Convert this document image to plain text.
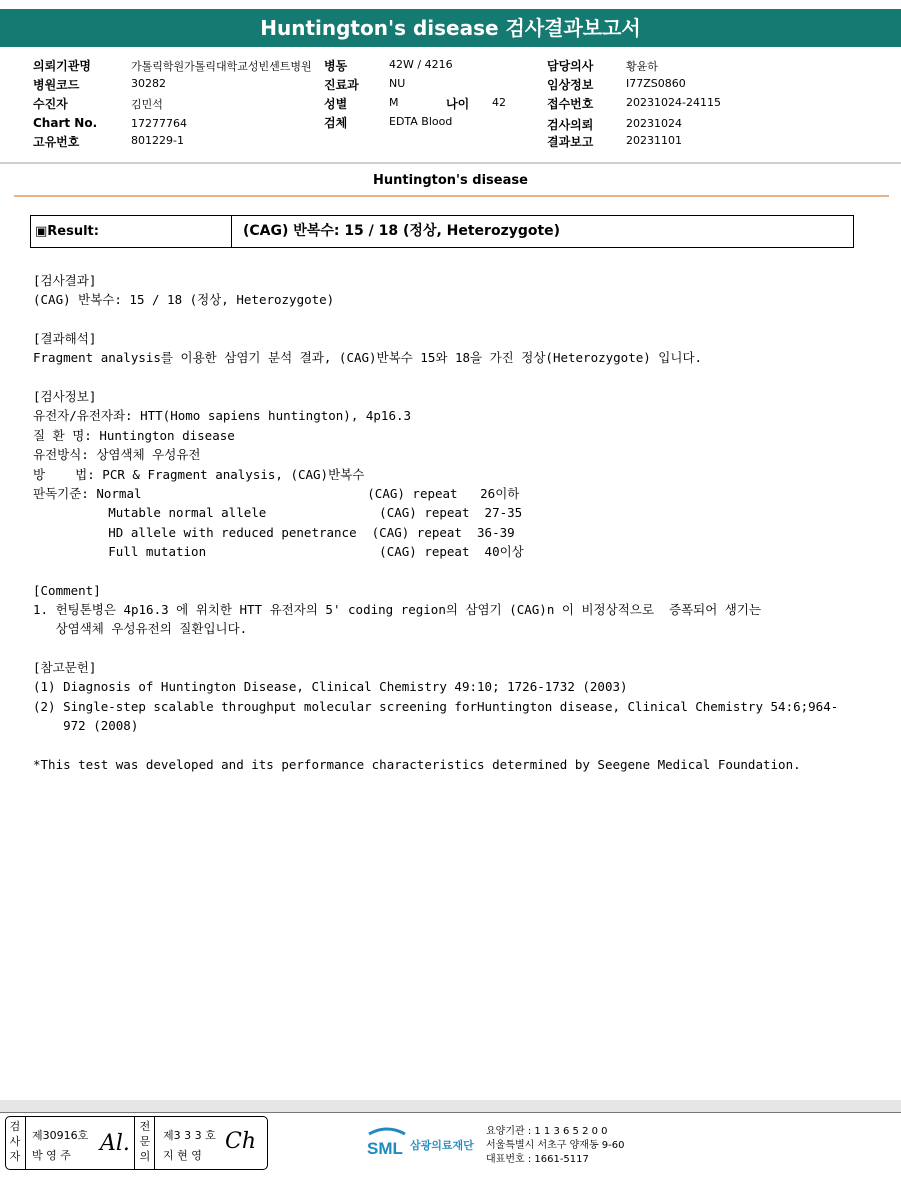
Huntington's disease 검사결과보고서
의뢰기관명	가톨릭학원가톨릭대학교성빈센트병원
병원코드	30282
수진자	김민석
Chart No.	17277764
고유번호	801229-1
병동	42W / 4216
진료과	NU
성별	M	나이 42
검체	EDTA Blood
담당의사	황윤하
임상정보	I77ZS0860
접수번호	20231024-24115
검사의뢰	20231024
결과보고	20231101
Huntington's disease
▣Result:	(CAG) 반복수: 15 / 18 (정상, Heterozygote)
[검사결과]
(CAG) 반복수: 15 / 18 (정상, Heterozygote)
[결과해석]
Fragment analysis를 이용한 삼염기 분석 결과, (CAG)반복수 15와 18을 가진 정상(Heterozygote) 입니다.
[검사정보]
유전자/유전자좌: HTT(Homo sapiens huntington), 4p16.3
질 환 명: Huntington disease
유전방식: 상염색체 우성유전
방    법: PCR & Fragment analysis, (CAG)반복수
판독기준: Normal                              (CAG) repeat   26이하
Mutable normal allele               (CAG) repeat  27-35
HD allele with reduced penetrance  (CAG) repeat  36-39
Full mutation                       (CAG) repeat  40이상
[Comment]
1. 헌팅톤병은 4p16.3 에 위치한 HTT 유전자의 5' coding region의 삼염기 (CAG)n 이 비정상적으로  증폭되어 생기는
상염색체 우성유전의 질환입니다.
[참고문헌]
(1) Diagnosis of Huntington Disease, Clinical Chemistry 49:10; 1726-1732 (2003)
(2) Single-step scalable throughput molecular screening forHuntington disease, Clinical Chemistry 54:6;964-
972 (2008)
*This test was developed and its performance characteristics determined by Seegene Medical Foundation.
검사자
제30916호
박 영 주 Al.
전문의
제3 3 3 호
지 현 영
Ch	SML 삼광의료재단
요양기관 : 1 1 3 6 5 2 0 0
서울특별시 서초구 양재동 9-60
대표번호 : 1661-5117
